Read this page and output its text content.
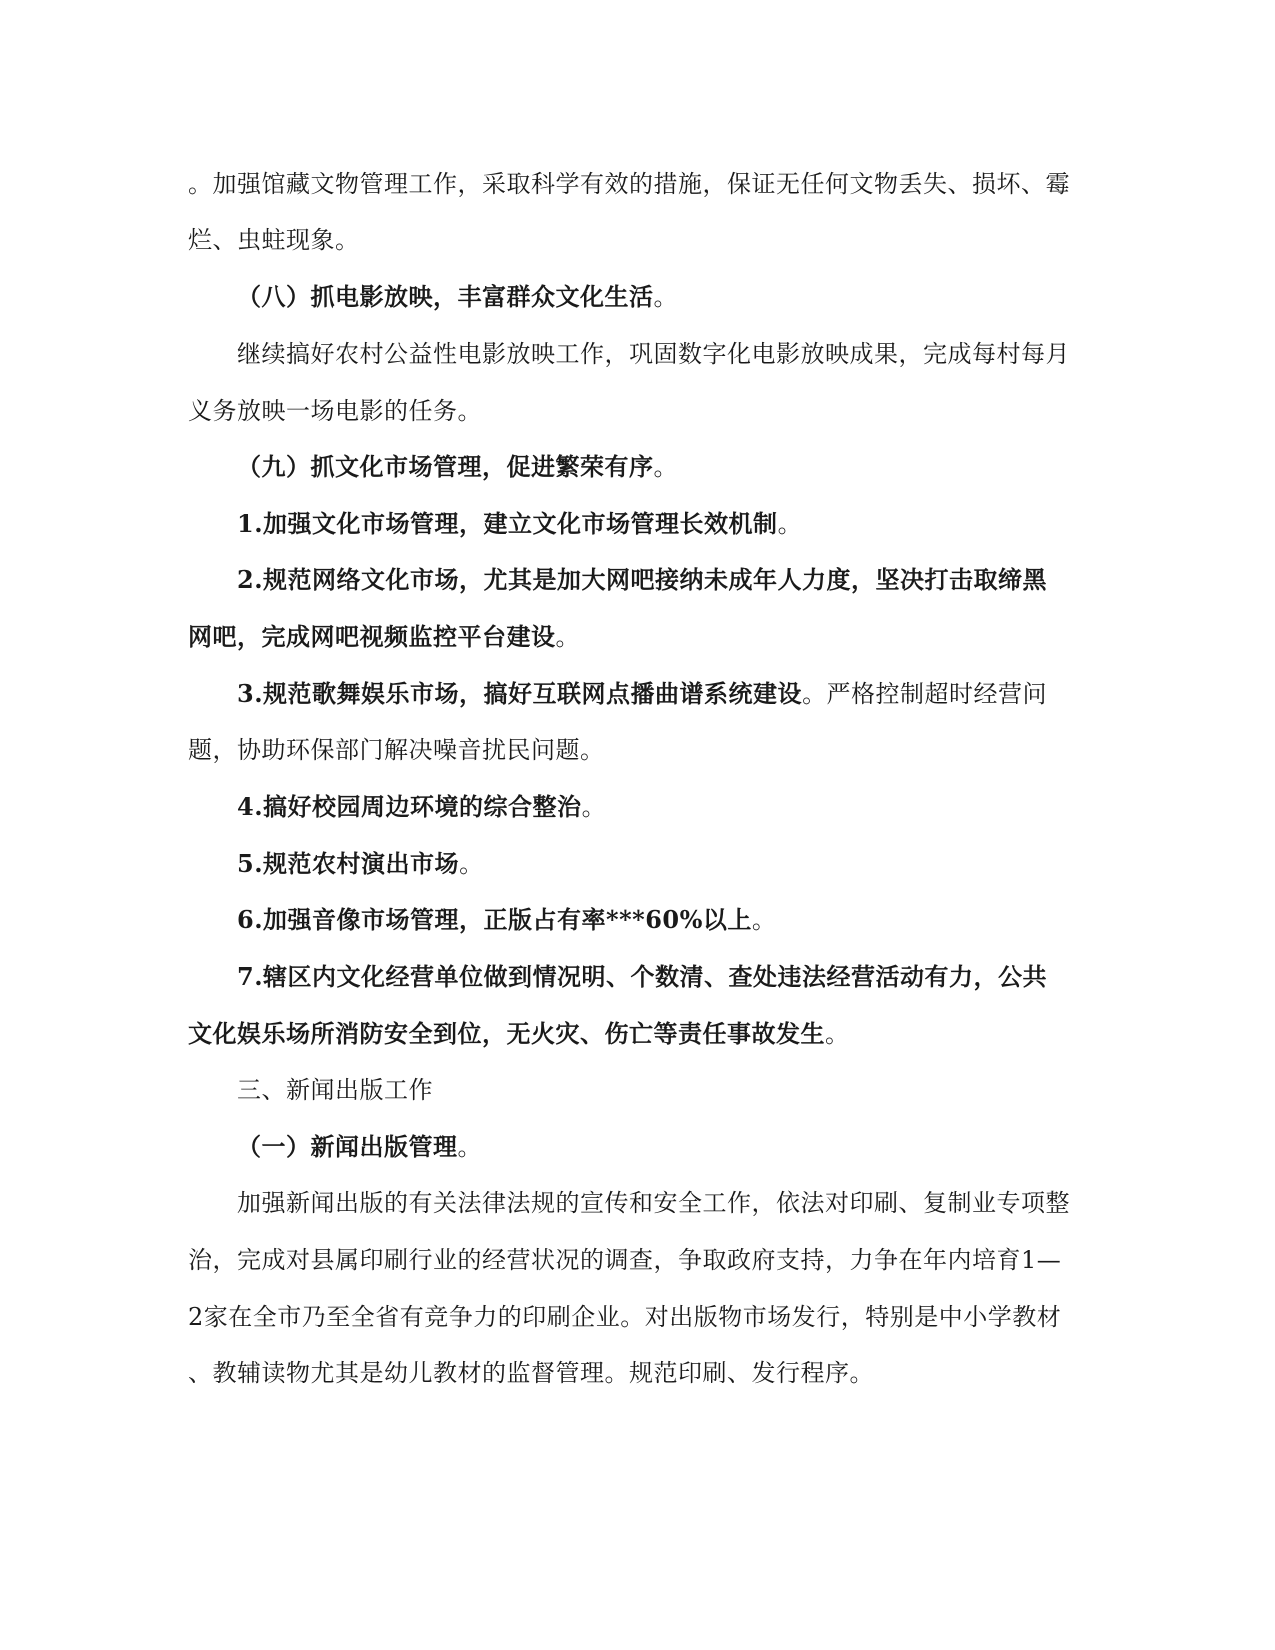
。加强馆藏文物管理工作，采取科学有效的措施，保证无任何文物丢失、损坏、霉
烂、虫蛀现象。
（八）抓电影放映，丰富群众文化生活。
继续搞好农村公益性电影放映工作，巩固数字化电影放映成果，完成每村每月
义务放映一场电影的任务。
（九）抓文化市场管理，促进繁荣有序。
1.加强文化市场管理，建立文化市场管理长效机制。
2.规范网络文化市场，尤其是加大网吧接纳未成年人力度，坚决打击取缔黑
网吧，完成网吧视频监控平台建设。
3.规范歌舞娱乐市场，搞好互联网点播曲谱系统建设。严格控制超时经营问
题，协助环保部门解决噪音扰民问题。
4.搞好校园周边环境的综合整治。
5.规范农村演出市场。
6.加强音像市场管理，正版占有率***60%以上。
7.辖区内文化经营单位做到情况明、个数清、查处违法经营活动有力，公共
文化娱乐场所消防安全到位，无火灾、伤亡等责任事故发生。
三、新闻出版工作
（一）新闻出版管理。
加强新闻出版的有关法律法规的宣传和安全工作，依法对印刷、复制业专项整
治，完成对县属印刷行业的经营状况的调查，争取政府支持，力争在年内培育1—
2家在全市乃至全省有竞争力的印刷企业。对出版物市场发行，特别是中小学教材
、教辅读物尤其是幼儿教材的监督管理。规范印刷、发行程序。
